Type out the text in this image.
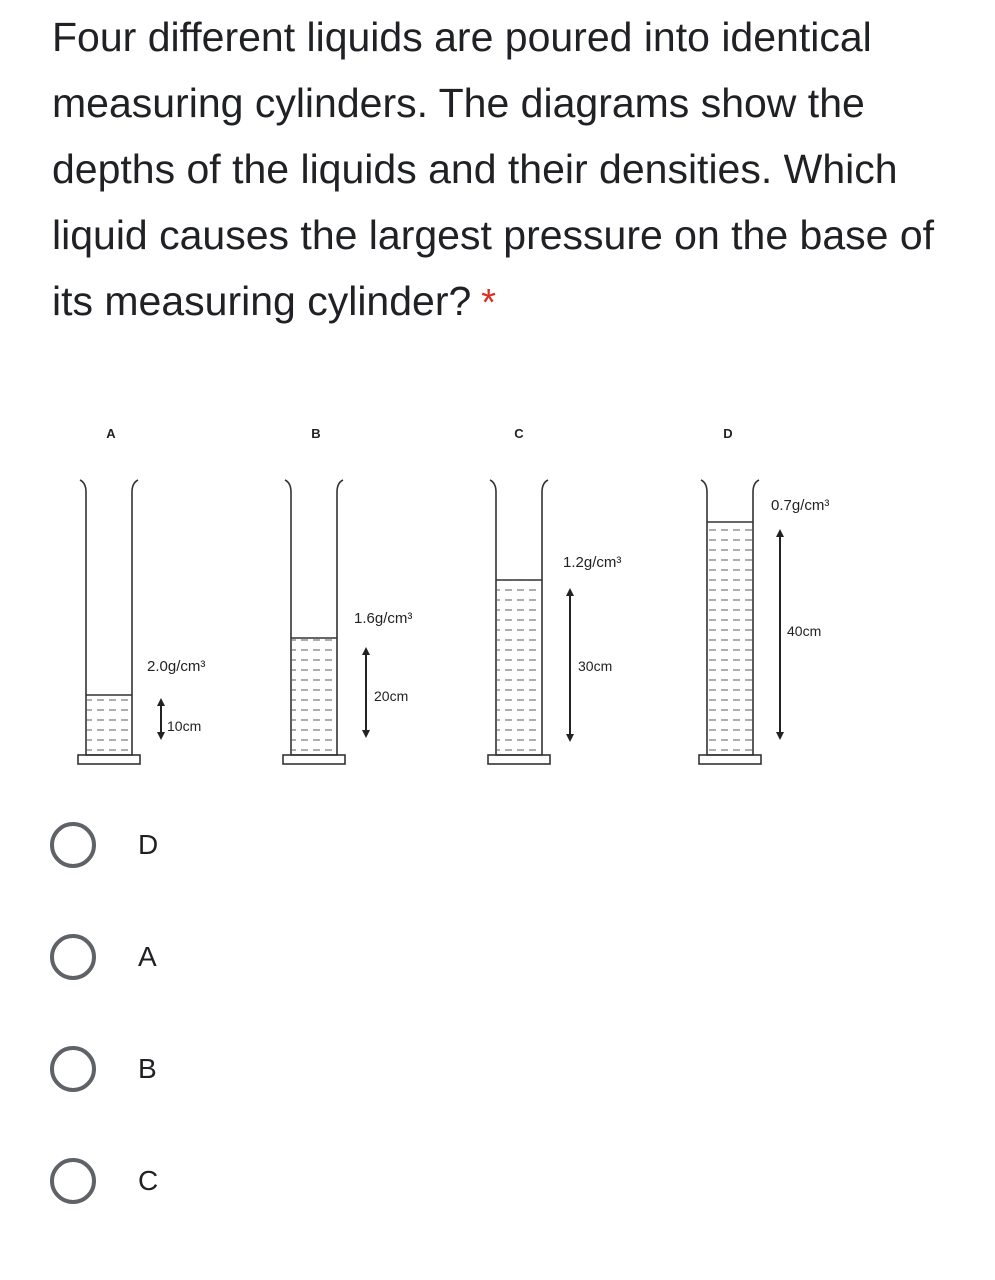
Four different liquids are poured into identical measuring cylinders. The diagrams show the depths of the liquids and their densities. Which liquid causes the largest pressure on the base of its measuring cylinder? *
A
2.0g/cm³
10cm
B
1.6g/cm³
20cm
C
1.2g/cm³
30cm
D
0.7g/cm³
40cm
D
A
B
C
